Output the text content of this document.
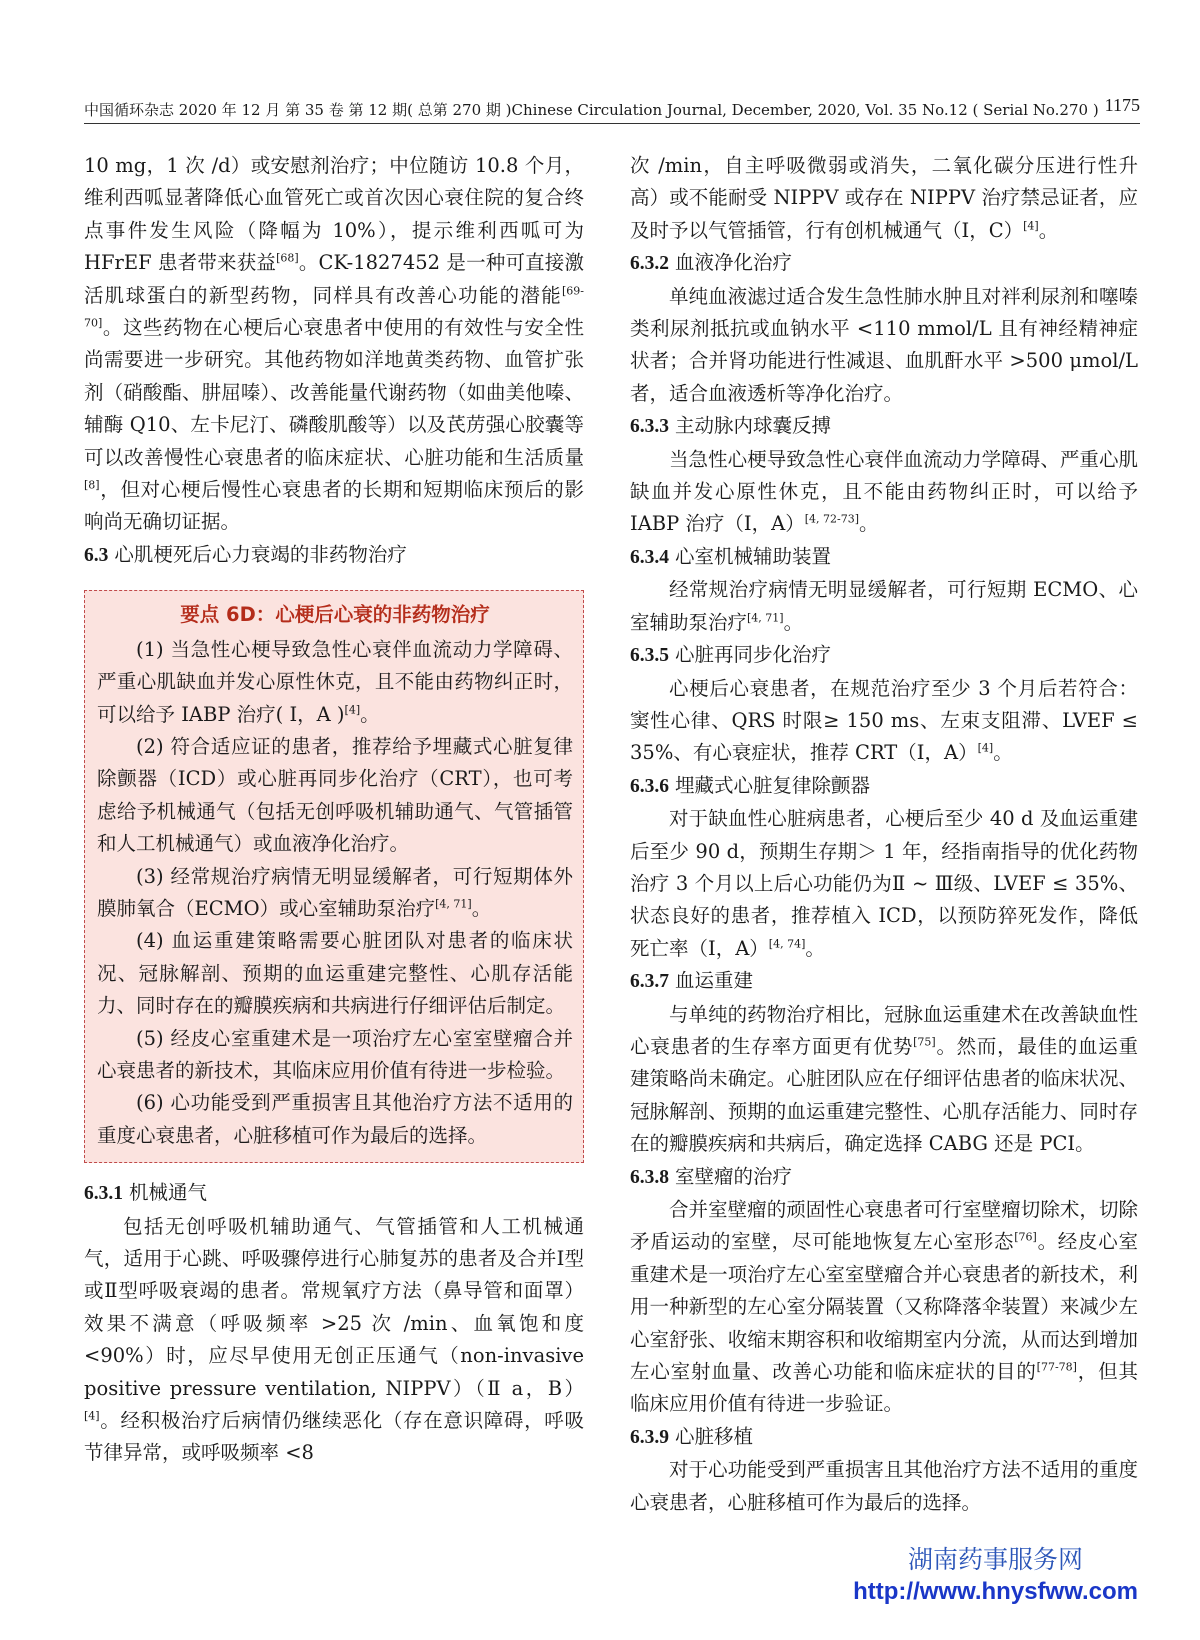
中国循环杂志 2020 年 12 月 第 35 卷 第 12 期( 总第 270 期 )Chinese Circulation Journal, December, 2020, Vol. 35 No.12 ( Serial No.270 ) 1175

10 mg，1 次 /d）或安慰剂治疗；中位随访 10.8 个月，维利西呱显著降低心血管死亡或首次因心衰住院的复合终点事件发生风险（降幅为 10%），提示维利西呱可为 HFrEF 患者带来获益[68]。CK-1827452 是一种可直接激活肌球蛋白的新型药物，同样具有改善心功能的潜能[69-70]。这些药物在心梗后心衰患者中使用的有效性与安全性尚需要进一步研究。其他药物如洋地黄类药物、血管扩张剂（硝酸酯、肼屈嗪）、改善能量代谢药物（如曲美他嗪、辅酶 Q10、左卡尼汀、磷酸肌酸等）以及芪苈强心胶囊等可以改善慢性心衰患者的临床症状、心脏功能和生活质量[8]，但对心梗后慢性心衰患者的长期和短期临床预后的影响尚无确切证据。

6.3 心肌梗死后心力衰竭的非药物治疗

要点 6D：心梗后心衰的非药物治疗

(1) 当急性心梗导致急性心衰伴血流动力学障碍、严重心肌缺血并发心原性休克，且不能由药物纠正时，可以给予 IABP 治疗( Ⅰ，A )[4]。

(2) 符合适应证的患者，推荐给予埋藏式心脏复律除颤器（ICD）或心脏再同步化治疗（CRT），也可考虑给予机械通气（包括无创呼吸机辅助通气、气管插管和人工机械通气）或血液净化治疗。

(3) 经常规治疗病情无明显缓解者，可行短期体外膜肺氧合（ECMO）或心室辅助泵治疗[4, 71]。

(4) 血运重建策略需要心脏团队对患者的临床状况、冠脉解剖、预期的血运重建完整性、心肌存活能力、同时存在的瓣膜疾病和共病进行仔细评估后制定。

(5) 经皮心室重建术是一项治疗左心室室壁瘤合并心衰患者的新技术，其临床应用价值有待进一步检验。

(6) 心功能受到严重损害且其他治疗方法不适用的重度心衰患者，心脏移植可作为最后的选择。

6.3.1 机械通气

包括无创呼吸机辅助通气、气管插管和人工机械通气，适用于心跳、呼吸骤停进行心肺复苏的患者及合并Ⅰ型或Ⅱ型呼吸衰竭的患者。常规氧疗方法（鼻导管和面罩）效果不满意（呼吸频率 >25 次 /min、血氧饱和度 <90%）时，应尽早使用无创正压通气（non-invasive positive pressure ventilation, NIPPV）（Ⅱ a，B）[4]。经积极治疗后病情仍继续恶化（存在意识障碍，呼吸节律异常，或呼吸频率 <8

次 /min，自主呼吸微弱或消失，二氧化碳分压进行性升高）或不能耐受 NIPPV 或存在 NIPPV 治疗禁忌证者，应及时予以气管插管，行有创机械通气（Ⅰ，C）[4]。

6.3.2 血液净化治疗

单纯血液滤过适合发生急性肺水肿且对袢利尿剂和噻嗪类利尿剂抵抗或血钠水平 <110 mmol/L 且有神经精神症状者；合并肾功能进行性减退、血肌酐水平 >500 μmol/L 者，适合血液透析等净化治疗。

6.3.3 主动脉内球囊反搏

当急性心梗导致急性心衰伴血流动力学障碍、严重心肌缺血并发心原性休克，且不能由药物纠正时，可以给予 IABP 治疗（Ⅰ，A）[4, 72-73]。

6.3.4 心室机械辅助装置

经常规治疗病情无明显缓解者，可行短期 ECMO、心室辅助泵治疗[4, 71]。

6.3.5 心脏再同步化治疗

心梗后心衰患者，在规范治疗至少 3 个月后若符合：窦性心律、QRS 时限≥ 150 ms、左束支阻滞、LVEF ≤ 35%、有心衰症状，推荐 CRT（Ⅰ，A）[4]。

6.3.6 埋藏式心脏复律除颤器

对于缺血性心脏病患者，心梗后至少 40 d 及血运重建后至少 90 d，预期生存期＞ 1 年，经指南指导的优化药物治疗 3 个月以上后心功能仍为Ⅱ ~ Ⅲ级、LVEF ≤ 35%、状态良好的患者，推荐植入 ICD，以预防猝死发作，降低死亡率（Ⅰ，A）[4, 74]。

6.3.7 血运重建

与单纯的药物治疗相比，冠脉血运重建术在改善缺血性心衰患者的生存率方面更有优势[75]。然而，最佳的血运重建策略尚未确定。心脏团队应在仔细评估患者的临床状况、冠脉解剖、预期的血运重建完整性、心肌存活能力、同时存在的瓣膜疾病和共病后，确定选择 CABG 还是 PCI。

6.3.8 室壁瘤的治疗

合并室壁瘤的顽固性心衰患者可行室壁瘤切除术，切除矛盾运动的室壁，尽可能地恢复左心室形态[76]。经皮心室重建术是一项治疗左心室室壁瘤合并心衰患者的新技术，利用一种新型的左心室分隔装置（又称降落伞装置）来减少左心室舒张、收缩末期容积和收缩期室内分流，从而达到增加左心室射血量、改善心功能和临床症状的目的[77-78]，但其临床应用价值有待进一步验证。

6.3.9 心脏移植

对于心功能受到严重损害且其他治疗方法不适用的重度心衰患者，心脏移植可作为最后的选择。

湖南药事服务网
http://www.hnysfww.com
